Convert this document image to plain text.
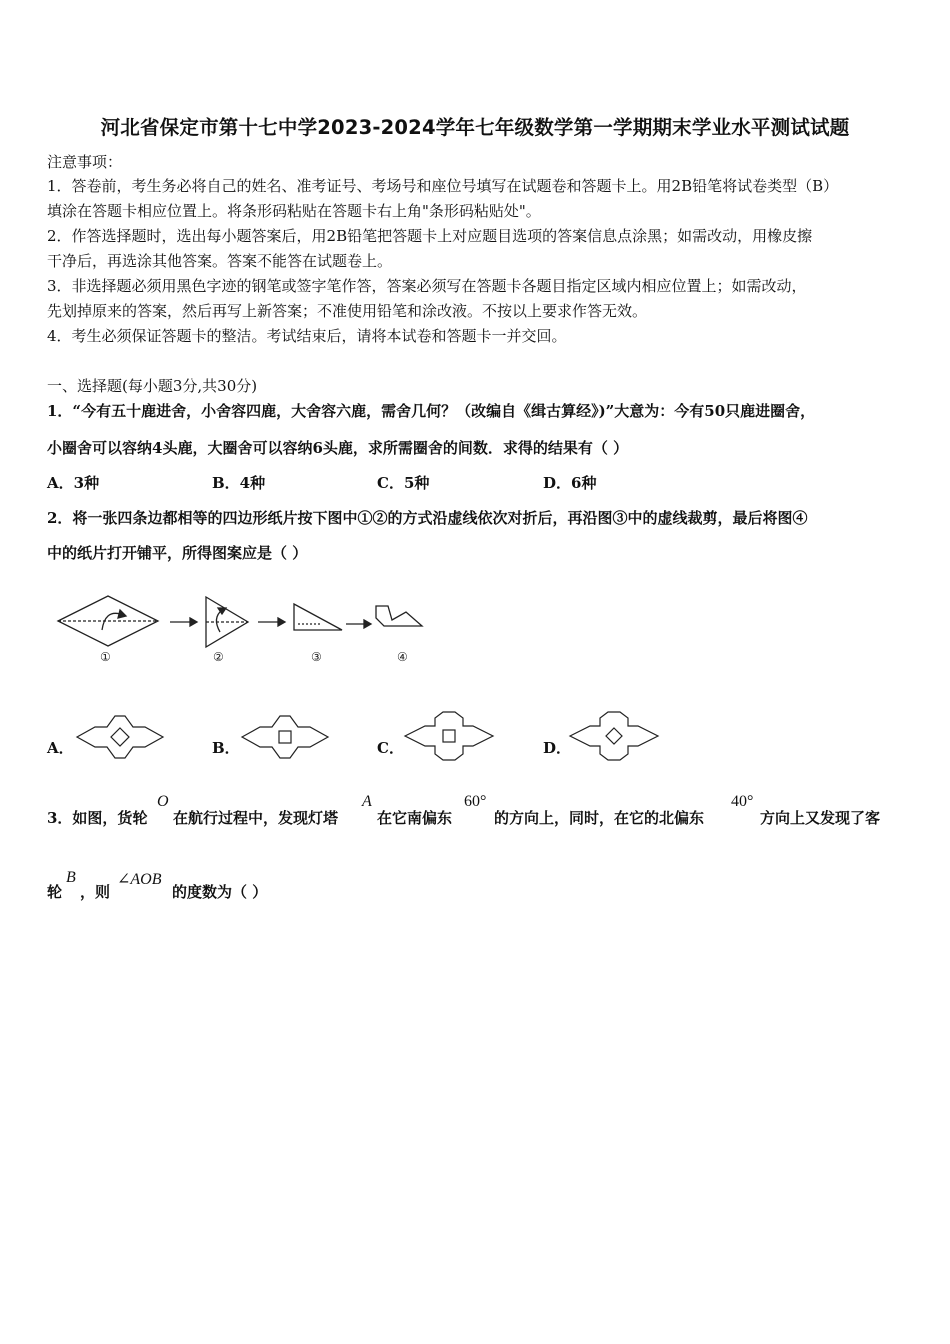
河北省保定市第十七中学2023-2024学年七年级数学第一学期期末学业水平测试试题
注意事项：
1．答卷前，考生务必将自己的姓名、准考证号、考场号和座位号填写在试题卷和答题卡上。用2B铅笔将试卷类型（B）
填涂在答题卡相应位置上。将条形码粘贴在答题卡右上角"条形码粘贴处"。
2．作答选择题时，选出每小题答案后，用2B铅笔把答题卡上对应题目选项的答案信息点涂黑；如需改动，用橡皮擦
干净后，再选涂其他答案。答案不能答在试题卷上。
3．非选择题必须用黑色字迹的钢笔或签字笔作答，答案必须写在答题卡各题目指定区域内相应位置上；如需改动，
先划掉原来的答案，然后再写上新答案；不准使用铅笔和涂改液。不按以上要求作答无效。
4．考生必须保证答题卡的整洁。考试结束后，请将本试卷和答题卡一并交回。
一、选择题(每小题3分,共30分)
1．“今有五十鹿进舍，小舍容四鹿，大舍容六鹿，需舍几何？（改编自《缉古算经》)”大意为：今有50只鹿进圈舍，
小圈舍可以容纳4头鹿，大圈舍可以容纳6头鹿，求所需圈舍的间数．求得的结果有（ ）
A．3种	B．4种	C．5种	D．6种
2．将一张四条边都相等的四边形纸片按下图中①②的方式沿虚线依次对折后，再沿图③中的虚线裁剪，最后将图④
中的纸片打开铺平，所得图案应是（ ）
①	②	③	④
A．	B．	C．	D．
3．如图，货轮
O
在航行过程中，发现灯塔
A
在它南偏东
60°
的方向上，同时，在它的北偏东
40°
方向上又发现了客
轮
B
，则
∠AOB
的度数为（ ）
